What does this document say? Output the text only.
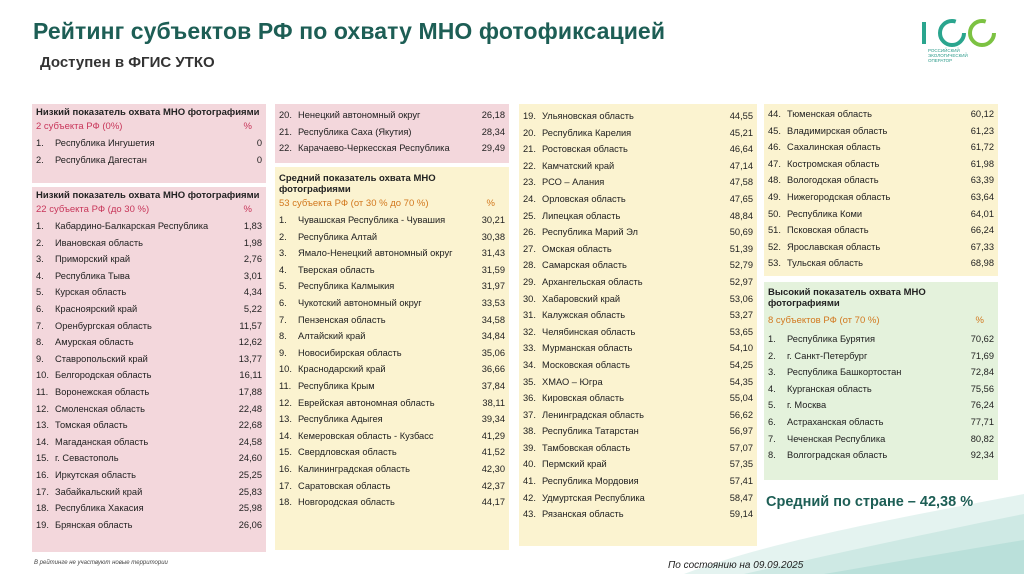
Рейтинг субъектов РФ по охвату МНО фотофиксацией
Доступен в ФГИС УТКО
РОССИЙСКИЙ ЭКОЛОГИЧЕСКИЙ ОПЕРАТОР
Низкий показатель охвата МНО фотографиями
2 субъекта РФ (0%)	%
1.	Республика Ингушетия	0
2.	Республика Дагестан	0
Низкий показатель охвата МНО фотографиями
22 субъекта РФ (до 30 %)	%
1.	Кабардино-Балкарская Республика	1,83
2.	Ивановская область	1,98
3.	Приморский край	2,76
4.	Республика Тыва	3,01
5.	Курская область	4,34
6.	Красноярский край	5,22
7.	Оренбургская область	11,57
8.	Амурская область	12,62
9.	Ставропольский край	13,77
10. Белгородская область	16,11
11. Воронежская область	17,88
12. Смоленская область	22,48
13. Томская область	22,68
14. Магаданская область	24,58
15. г. Севастополь	24,60
16. Иркутская область	25,25
17. Забайкальский край	25,83
18. Республика Хакасия	25,98
19. Брянская область	26,06
20. Ненецкий автономный округ	26,18
21. Республика Саха (Якутия)	28,34
22. Карачаево-Черкесская Республика	29,49
Средний показатель охвата МНО фотографиями
53 субъекта РФ (от 30 % до 70 %)	%
1.	Чувашская Республика - Чувашия	30,21
2.	Республика Алтай	30,38
3.	Ямало-Ненецкий автономный округ	31,43
4.	Тверская область	31,59
5.	Республика Калмыкия	31,97
6.	Чукотский автономный округ	33,53
7.	Пензенская область	34,58
8.	Алтайский край	34,84
9.	Новосибирская область	35,06
10. Краснодарский край	36,66
11. Республика Крым	37,84
12. Еврейская автономная область	38,11
13. Республика Адыгея	39,34
14. Кемеровская область - Кузбасс	41,29
15. Свердловская область	41,52
16. Калининградская область	42,30
17. Саратовская область	42,37
18. Новгородская область	44,17
19. Ульяновская область	44,55
20. Республика Карелия	45,21
21. Ростовская область	46,64
22. Камчатский край	47,14
23. РСО – Алания	47,58
24. Орловская область	47,65
25. Липецкая область	48,84
26. Республика Марий Эл	50,69
27. Омская область	51,39
28. Самарская область	52,79
29. Архангельская область	52,97
30. Хабаровский край	53,06
31. Калужская область	53,27
32. Челябинская область	53,65
33. Мурманская область	54,10
34. Московская область	54,25
35. ХМАО – Югра	54,35
36. Кировская область	55,04
37. Ленинградская область	56,62
38. Республика Татарстан	56,97
39. Тамбовская область	57,07
40. Пермский край	57,35
41. Республика Мордовия	57,41
42. Удмуртская Республика	58,47
43. Рязанская область	59,14
44. Тюменская область	60,12
45. Владимирская область	61,23
46. Сахалинская область	61,72
47. Костромская область	61,98
48. Вологодская область	63,39
49. Нижегородская область	63,64
50. Республика Коми	64,01
51. Псковская область	66,24
52. Ярославская область	67,33
53. Тульская область	68,98
Высокий показатель охвата МНО фотографиями
8 субъектов РФ (от 70 %)	%
1.	Республика Бурятия	70,62
2.	г. Санкт-Петербург	71,69
3.	Республика Башкортостан	72,84
4.	Курганская область	75,56
5.	г. Москва	76,24
6.	Астраханская область	77,71
7.	Чеченская Республика	80,82
8.	Волгоградская область	92,34
Средний по стране – 42,38 %
В рейтинге не участвуют новые территории	По состоянию на 09.09.2025
